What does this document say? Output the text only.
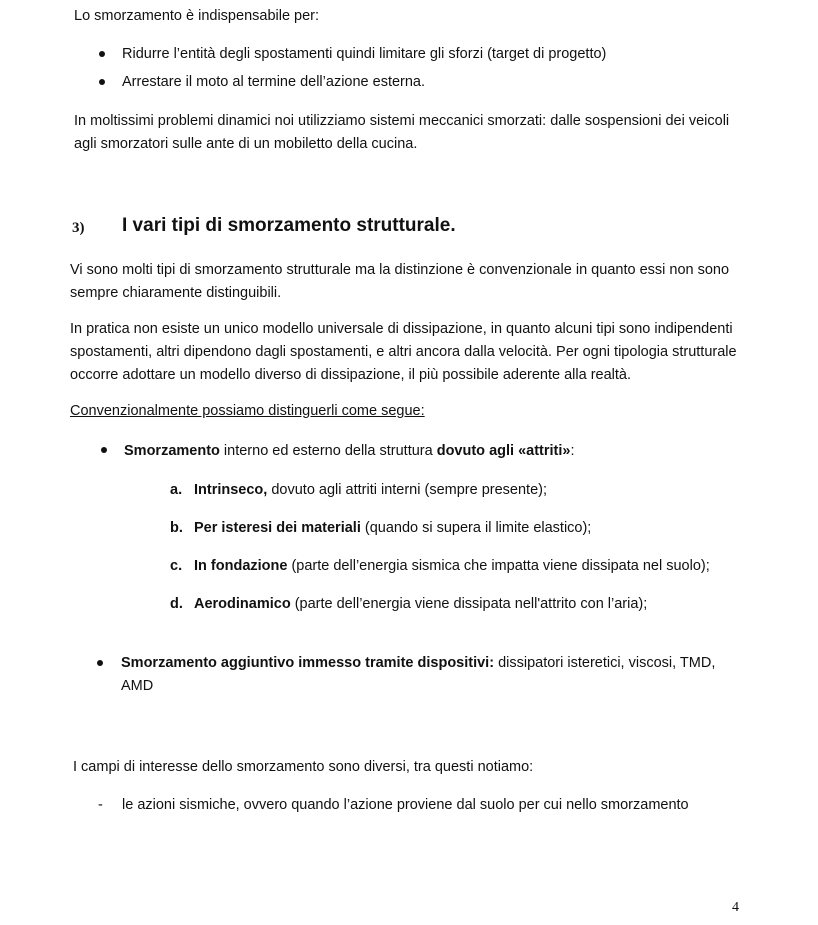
Lo smorzamento è indispensabile per:
Ridurre l’entità degli spostamenti quindi limitare gli sforzi (target di progetto)
Arrestare il moto al termine dell’azione esterna.
In moltissimi problemi dinamici noi utilizziamo sistemi meccanici smorzati: dalle sospensioni dei veicoli
agli smorzatori sulle ante di un mobiletto della cucina.
3) I vari tipi di smorzamento strutturale.
Vi sono molti tipi di smorzamento strutturale ma la distinzione è convenzionale in quanto essi non sono
sempre chiaramente distinguibili.
In pratica non esiste un unico modello universale di dissipazione, in quanto alcuni tipi sono indipendenti
spostamenti, altri dipendono dagli spostamenti, e altri ancora dalla velocità. Per ogni tipologia strutturale
occorre adottare un modello diverso di dissipazione, il più possibile aderente alla realtà.
Convenzionalmente possiamo distinguerli come segue:
Smorzamento interno ed esterno della struttura dovuto agli «attriti»:
a. Intrinseco, dovuto agli attriti interni (sempre presente);
b. Per isteresi dei materiali (quando si supera il limite elastico);
c. In fondazione (parte dell’energia sismica che impatta viene dissipata nel suolo);
d. Aerodinamico (parte dell’energia viene dissipata nell'attrito con l’aria);
Smorzamento aggiuntivo immesso tramite dispositivi: dissipatori isteretici, viscosi, TMD,
AMD
I campi di interesse dello smorzamento sono diversi, tra questi notiamo:
- le azioni sismiche, ovvero quando l’azione proviene dal suolo per cui nello smorzamento
4
